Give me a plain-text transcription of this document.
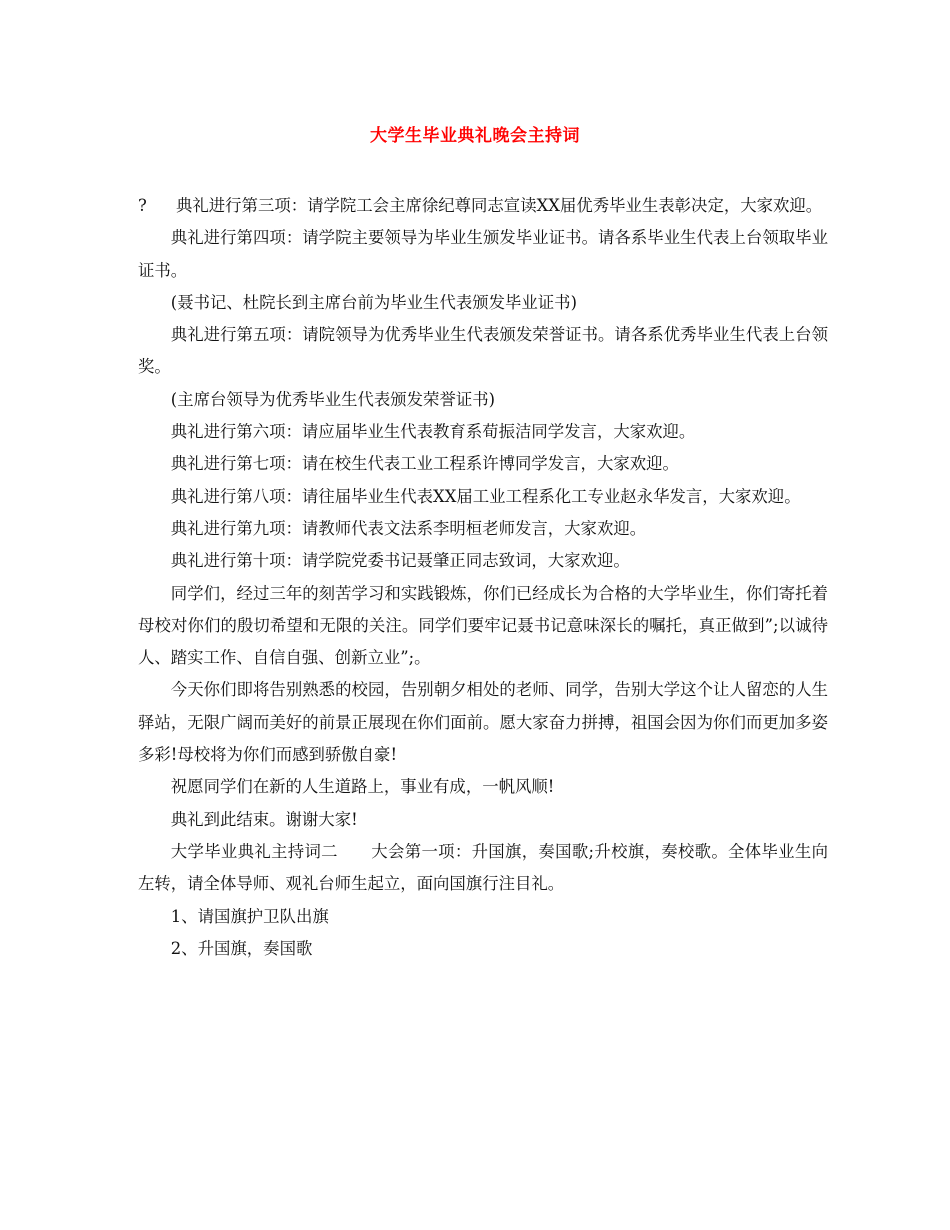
大学生毕业典礼晚会主持词

? 典礼进行第三项：请学院工会主席徐纪尊同志宣读XX届优秀毕业生表彰决定，大家欢迎。

典礼进行第四项：请学院主要领导为毕业生颁发毕业证书。请各系毕业生代表上台领取毕业证书。

(聂书记、杜院长到主席台前为毕业生代表颁发毕业证书)

典礼进行第五项：请院领导为优秀毕业生代表颁发荣誉证书。请各系优秀毕业生代表上台领奖。

(主席台领导为优秀毕业生代表颁发荣誉证书)

典礼进行第六项：请应届毕业生代表教育系荀振洁同学发言，大家欢迎。

典礼进行第七项：请在校生代表工业工程系许博同学发言，大家欢迎。

典礼进行第八项：请往届毕业生代表XX届工业工程系化工专业赵永华发言，大家欢迎。

典礼进行第九项：请教师代表文法系李明桓老师发言，大家欢迎。

典礼进行第十项：请学院党委书记聂肇正同志致词，大家欢迎。

同学们，经过三年的刻苦学习和实践锻炼，你们已经成长为合格的大学毕业生，你们寄托着母校对你们的殷切希望和无限的关注。同学们要牢记聂书记意味深长的嘱托，真正做到”;以诚待人、踏实工作、自信自强、创新立业”;。

今天你们即将告别熟悉的校园，告别朝夕相处的老师、同学，告别大学这个让人留恋的人生驿站，无限广阔而美好的前景正展现在你们面前。愿大家奋力拼搏，祖国会因为你们而更加多姿多彩!母校将为你们而感到骄傲自豪!

祝愿同学们在新的人生道路上，事业有成，一帆风顺!

典礼到此结束。谢谢大家!

大学毕业典礼主持词二　　大会第一项：升国旗，奏国歌;升校旗，奏校歌。全体毕业生向左转，请全体导师、观礼台师生起立，面向国旗行注目礼。

1、请国旗护卫队出旗

2、升国旗，奏国歌
